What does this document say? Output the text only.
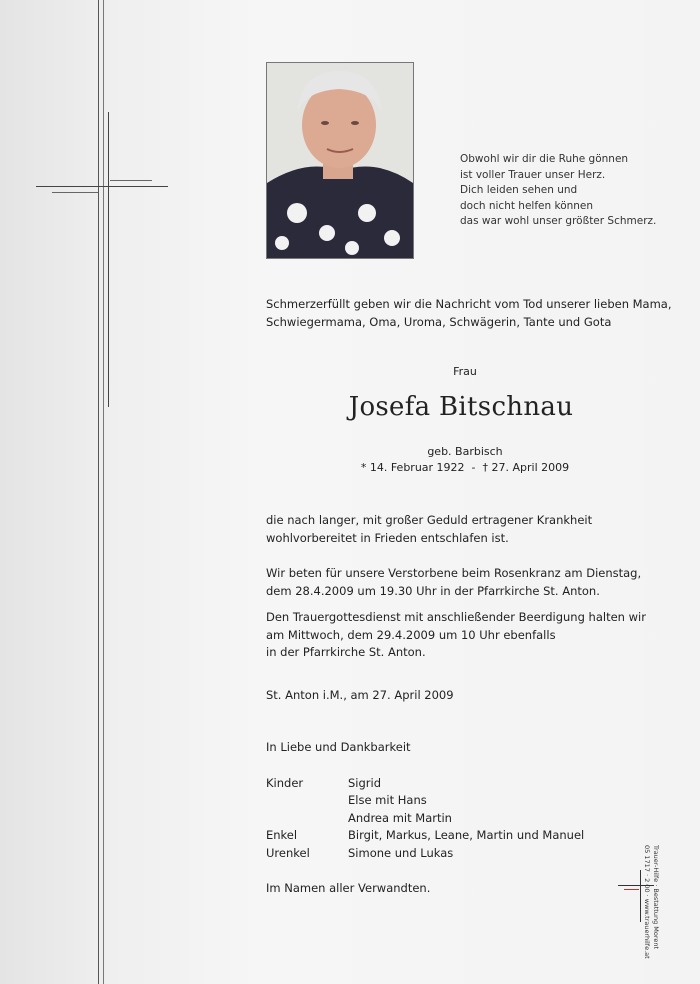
Obwohl wir dir die Ruhe gönnen
ist voller Trauer unser Herz.
Dich leiden sehen und
doch nicht helfen können
das war wohl unser größter Schmerz.
Schmerzerfüllt geben wir die Nachricht vom Tod unserer lieben Mama,
Schwiegermama, Oma, Uroma, Schwägerin, Tante und Gota
Frau
Josefa Bitschnau
geb. Barbisch
* 14. Februar 1922  -  † 27. April 2009
die nach langer, mit großer Geduld ertragener Krankheit
wohlvorbereitet in Frieden entschlafen ist.
Wir beten für unsere Verstorbene beim Rosenkranz am Dienstag,
dem 28.4.2009 um 19.30 Uhr in der Pfarrkirche St. Anton.
Den Trauergottesdienst mit anschließender Beerdigung halten wir
am Mittwoch, dem 29.4.2009 um 10 Uhr ebenfalls
in der Pfarrkirche St. Anton.
St. Anton i.M., am 27. April 2009
In Liebe und Dankbarkeit
Kinder	Sigrid
Else mit Hans
Andrea mit Martin
Enkel	Birgit, Markus, Leane, Martin und Manuel
Urenkel	Simone und Lukas
Im Namen aller Verwandten.	Trauer-Hilfe · Bestattung Morent
05 1717 · 2 00 · www.trauerhilfe.at
